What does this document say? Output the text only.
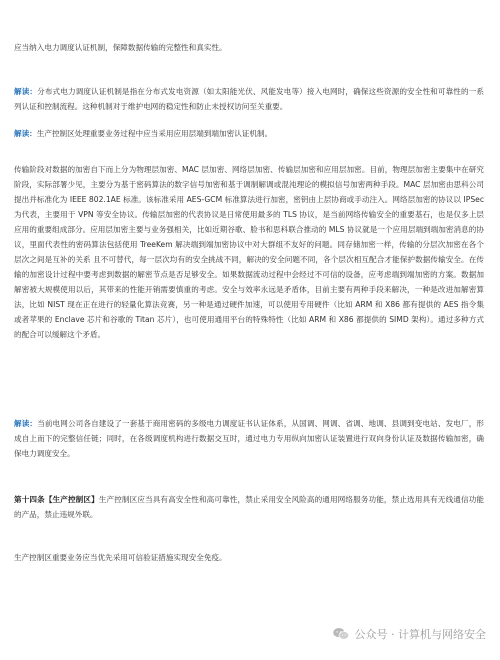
应当纳入电力调度认证机制，保障数据传输的完整性和真实性。

解读：分布式电力调度认证机制是指在分布式发电资源（如太阳能光伏、风能发电等）接入电网时，确保这些资源的安全性和可靠性的一系列认证和控制流程。这种机制对于维护电网的稳定性和防止未授权访问至关重要。

解读：生产控制区处理重要业务过程中应当采用应用层端到端加密认证机制。

传输阶段对数据的加密自下而上分为物理层加密、MAC 层加密、网络层加密、传输层加密和应用层加密。目前，物理层加密主要集中在研究阶段，实际部署少见，主要分为基于密码算法的数字信号加密和基于调制解调或混沌理论的模拟信号加密两种手段。MAC 层加密由思科公司提出并标准化为 IEEE 802.1AE 标准。该标准采用 AES-GCM 标准算法进行加密，密钥由上层协商或手动注入。网络层加密的协议以 IPSec 为代表，主要用于 VPN 等安全协议。传输层加密的代表协议是日常使用最多的 TLS 协议，是当前网络传输安全的重要基石，也是仅多上层应用的重要组成部分。应用层加密主要与业务强相关，比如近期谷歌、脸书和思科联合推动的 MLS 协议就是一个应用层端到端加密消息的协议，里面代表性的密码算法包括使用 TreeKem 解决端到端加密协议中对大群组不友好的问题。同存储加密一样，传输的分层次加密在各个层次之间是互补的关系 且不可替代，每一层次均有的安全挑战不同，解决的安全问题不同，各个层次相互配合才能保护数据传输安全。在传输的加密设计过程中要考虑到数据的解密节点是否足够安全。如果数据流动过程中会经过不可信的设备，应考虑端到端加密的方案。数据加解密被大规模使用以后，其带来的性能开销需要慎重的考虑。安全与效率永远是矛盾体，目前主要有两种手段来解决，一种是改进加解密算法，比如 NIST 现在正在进行的轻量化算法竞赛，另一种是通过硬件加速，可以使用专用硬件（比如 ARM 和 X86 都有提供的 AES 指令集或者苹果的 Enclave 芯片和谷歌的 Titan 芯片），也可使用通用平台的特殊特性（比如 ARM 和 X86 都提供的 SIMD 架构）。通过多种方式的配合可以缓解这个矛盾。

解读：当前电网公司各自建设了一套基于商用密码的多级电力调度证书认证体系，从国调、网调、省调、地调、县调到变电站、发电厂，形成自上而下的完整信任链；同时，在各级调度机构进行数据交互时，通过电力专用纵向加密认证装置进行双向身份认证及数据传输加密，确保电力调度安全。

第十四条【生产控制区】生产控制区应当具有高安全性和高可靠性，禁止采用安全风险高的通用网络服务功能，禁止选用具有无线通信功能的产品，禁止违规外联。

生产控制区重要业务应当优先采用可信验证措施实现安全免疫。

公众号 · 计算机与网络安全
